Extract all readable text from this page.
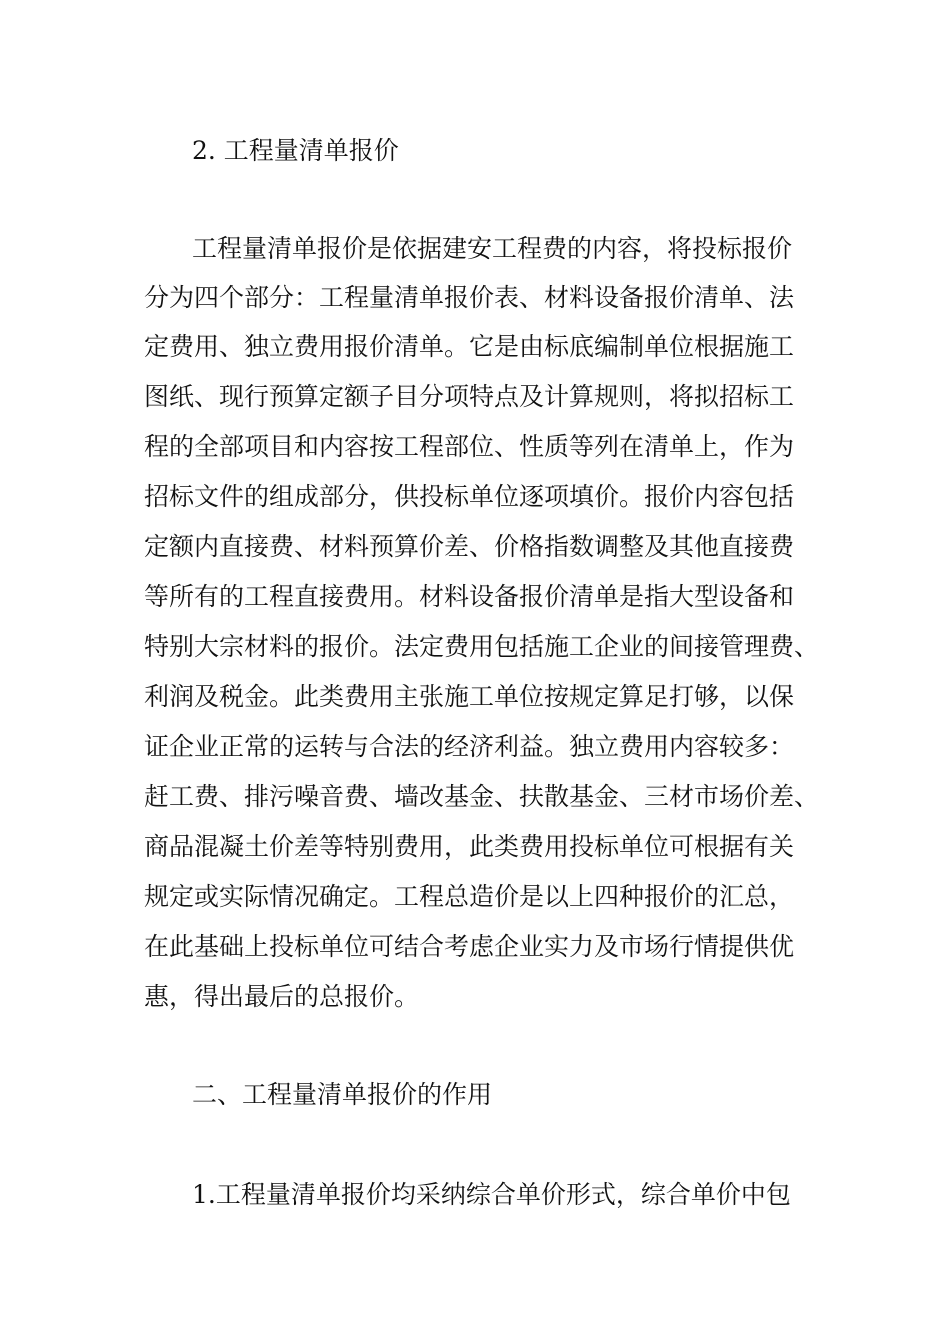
2. 工程量清单报价
工程量清单报价是依据建安工程费的内容，将投标报价
分为四个部分：工程量清单报价表、材料设备报价清单、法
定费用、独立费用报价清单。它是由标底编制单位根据施工
图纸、现行预算定额子目分项特点及计算规则，将拟招标工
程的全部项目和内容按工程部位、性质等列在清单上，作为
招标文件的组成部分，供投标单位逐项填价。报价内容包括
定额内直接费、材料预算价差、价格指数调整及其他直接费
等所有的工程直接费用。材料设备报价清单是指大型设备和
特别大宗材料的报价。法定费用包括施工企业的间接管理费、
利润及税金。此类费用主张施工单位按规定算足打够，以保
证企业正常的运转与合法的经济利益。独立费用内容较多：
赶工费、排污噪音费、墙改基金、扶散基金、三材市场价差、
商品混凝土价差等特别费用，此类费用投标单位可根据有关
规定或实际情况确定。工程总造价是以上四种报价的汇总，
在此基础上投标单位可结合考虑企业实力及市场行情提供优
惠，得出最后的总报价。
二、工程量清单报价的作用
1.工程量清单报价均采纳综合单价形式，综合单价中包
